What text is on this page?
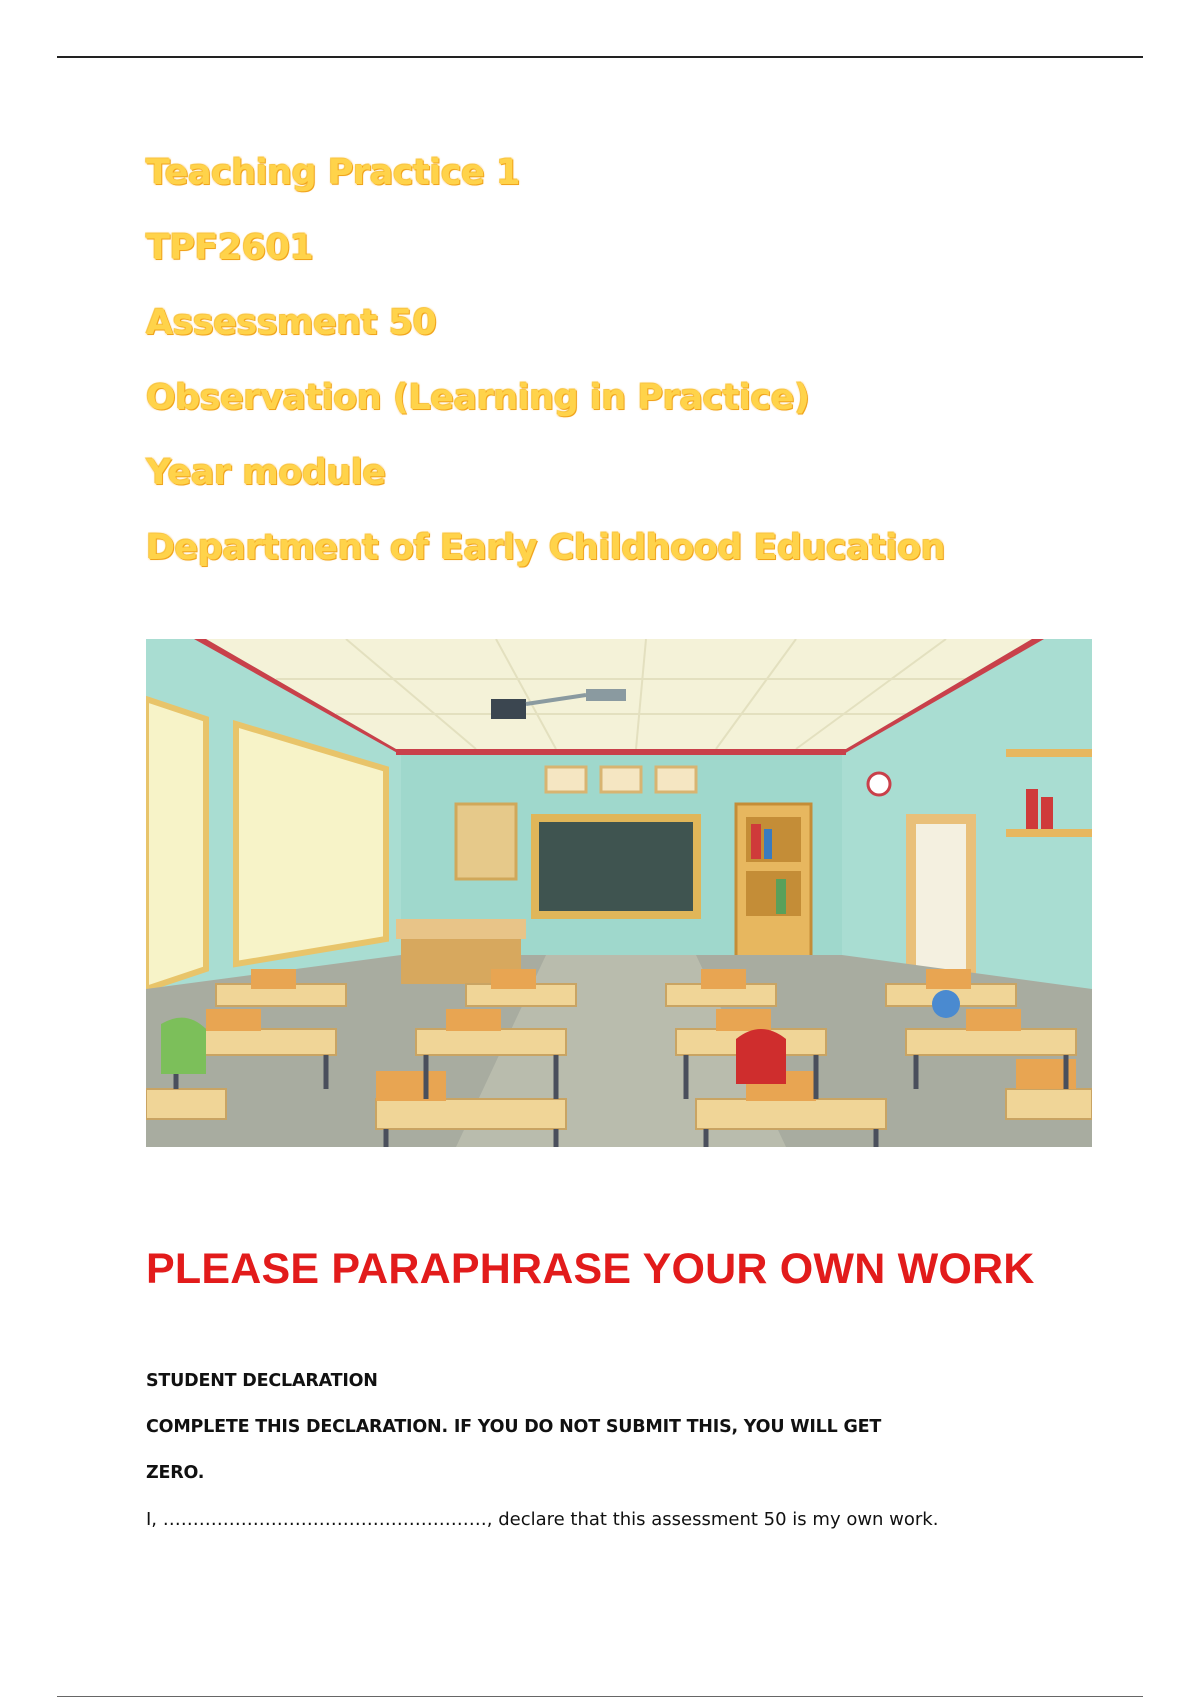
Teaching Practice 1
TPF2601
Assessment 50
Observation (Learning in Practice)
Year module
Department of Early Childhood Education
PLEASE PARAPHRASE YOUR OWN WORK
STUDENT DECLARATION
COMPLETE THIS DECLARATION. IF YOU DO NOT SUBMIT THIS, YOU WILL GET
ZERO.
I, ………………………………………………, declare that this assessment 50 is my own work.
